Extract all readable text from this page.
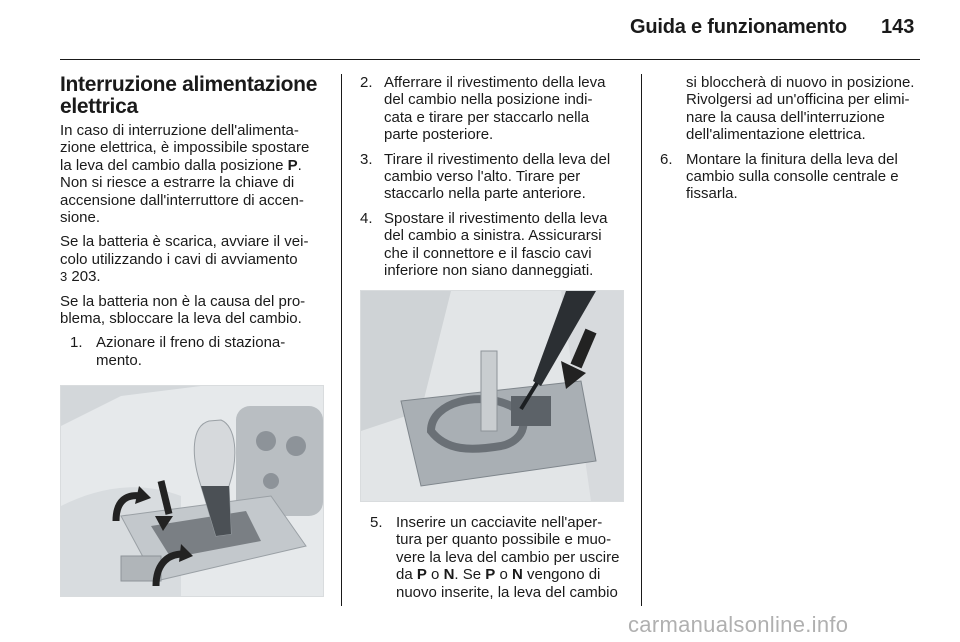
Guida e funzionamento 143
Interruzione alimentazione elettrica

In caso di interruzione dell'alimenta-
zione elettrica, è impossibile spostare
la leva del cambio dalla posizione P.
Non si riesce a estrarre la chiave di
accensione dall'interruttore di accen-
sione.

Se la batteria è scarica, avviare il vei-
colo utilizzando i cavi di avviamento
3 203.

Se la batteria non è la causa del pro-
blema, sbloccare la leva del cambio.

1. Azionare il freno di staziona-
mento.
2. Afferrare il rivestimento della leva
del cambio nella posizione indi-
cata e tirare per staccarlo nella
parte posteriore.
3. Tirare il rivestimento della leva del
cambio verso l'alto. Tirare per
staccarlo nella parte anteriore.
4. Spostare il rivestimento della leva
del cambio a sinistra. Assicurarsi
che il connettore e il fascio cavi
inferiore non siano danneggiati.
5. Inserire un cacciavite nell'aper-
tura per quanto possibile e muo-
vere la leva del cambio per uscire
da P o N. Se P o N vengono di
nuovo inserite, la leva del cambio
si bloccherà di nuovo in posizione.
Rivolgersi ad un'officina per elimi-
nare la causa dell'interruzione
dell'alimentazione elettrica.
6. Montare la finitura della leva del
cambio sulla consolle centrale e
fissarla.
carmanualsonline.info
